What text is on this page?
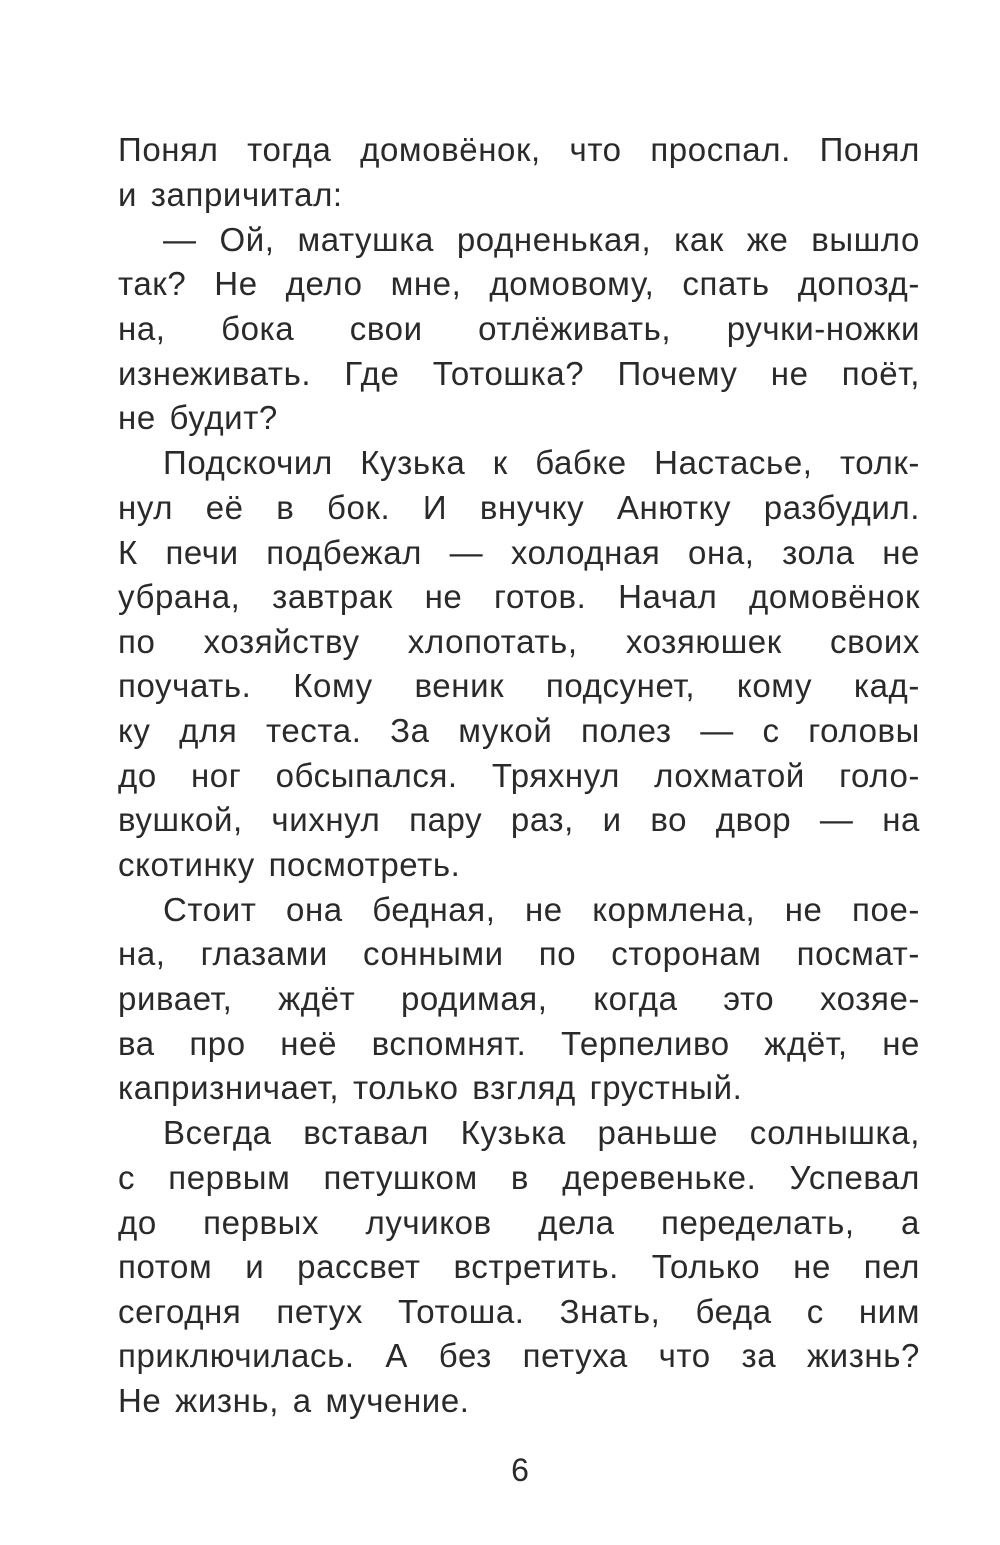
Понял тогда домовёнок, что проспал. Понял
и запричитал:
— Ой, матушка родненькая, как же вышло
так? Не дело мне, домовому, спать допозд-
на, бока свои отлёживать, ручки-ножки
изнеживать. Где Тотошка? Почему не поёт,
не будит?
Подскочил Кузька к бабке Настасье, толк-
нул её в бок. И внучку Анютку разбудил.
К печи подбежал — холодная она, зола не
убрана, завтрак не готов. Начал домовёнок
по хозяйству хлопотать, хозяюшек своих
поучать. Кому веник подсунет, кому кад-
ку для теста. За мукой полез — с головы
до ног обсыпался. Тряхнул лохматой голо-
вушкой, чихнул пару раз, и во двор — на
скотинку посмотреть.
Стоит она бедная, не кормлена, не пое-
на, глазами сонными по сторонам посмат-
ривает, ждёт родимая, когда это хозяе-
ва про неё вспомнят. Терпеливо ждёт, не
капризничает, только взгляд грустный.
Всегда вставал Кузька раньше солнышка,
с первым петушком в деревеньке. Успевал
до первых лучиков дела переделать, а
потом и рассвет встретить. Только не пел
сегодня петух Тотоша. Знать, беда с ним
приключилась. А без петуха что за жизнь?
Не жизнь, а мучение.
6
